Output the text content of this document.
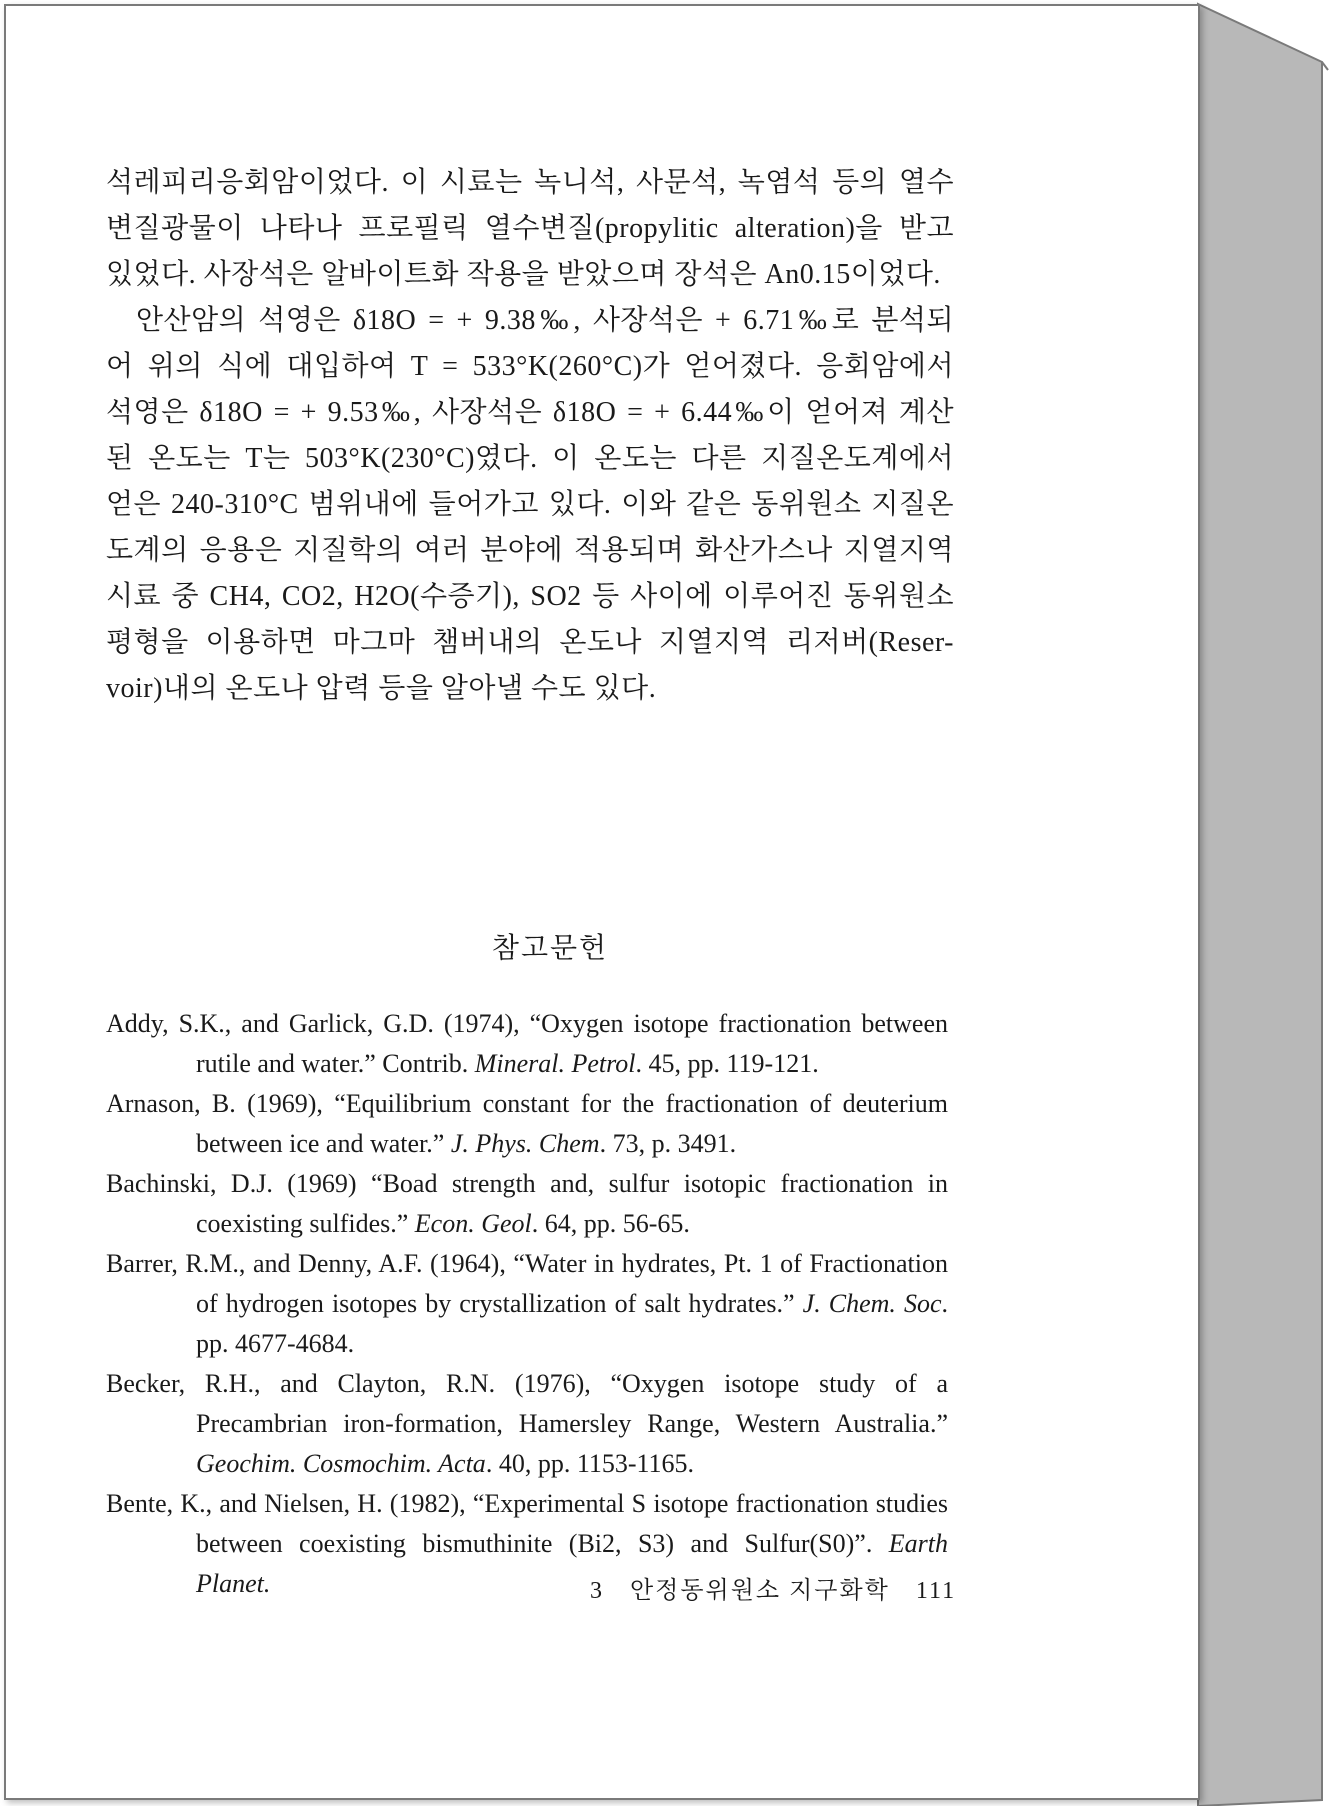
석레피리응회암이었다. 이 시료는 녹니석, 사문석, 녹염석 등의 열수

변질광물이 나타나 프로필릭 열수변질(propylitic alteration)을 받고

있었다. 사장석은 알바이트화 작용을 받았으며 장석은 An0.15이었다.

안산암의 석영은 δ18O = + 9.38‰, 사장석은 + 6.71‰로 분석되

어 위의 식에 대입하여 T = 533°K(260°C)가 얻어졌다. 응회암에서

석영은 δ18O = + 9.53‰, 사장석은 δ18O = + 6.44‰이 얻어져 계산

된 온도는 T는 503°K(230°C)였다. 이 온도는 다른 지질온도계에서

얻은 240-310°C 범위내에 들어가고 있다. 이와 같은 동위원소 지질온

도계의 응용은 지질학의 여러 분야에 적용되며 화산가스나 지열지역

시료 중 CH4, CO2, H2O(수증기), SO2 등 사이에 이루어진 동위원소

평형을 이용하면 마그마 챔버내의 온도나 지열지역 리저버(Reser-

voir)내의 온도나 압력 등을 알아낼 수도 있다.

참고문헌

Addy, S.K., and Garlick, G.D. (1974), “Oxygen isotope fractionation between rutile and water.” Contrib. Mineral. Petrol. 45, pp. 119-121.

Arnason, B. (1969), “Equilibrium constant for the fractionation of deuterium between ice and water.” J. Phys. Chem. 73, p. 3491.

Bachinski, D.J. (1969) “Boad strength and, sulfur isotopic fractionation in coexisting sulfides.” Econ. Geol. 64, pp. 56-65.

Barrer, R.M., and Denny, A.F. (1964), “Water in hydrates, Pt. 1 of Fractionation of hydrogen isotopes by crystallization of salt hydrates.” J. Chem. Soc. pp. 4677-4684.

Becker, R.H., and Clayton, R.N. (1976), “Oxygen isotope study of a Precambrian iron-formation, Hamersley Range, Western Australia.” Geochim. Cosmochim. Acta. 40, pp. 1153-1165.

Bente, K., and Nielsen, H. (1982), “Experimental S isotope fractionation studies between coexisting bismuthinite (Bi2, S3) and Sulfur(S0)”. Earth Planet.	3 안정동위원소 지구화학 111
